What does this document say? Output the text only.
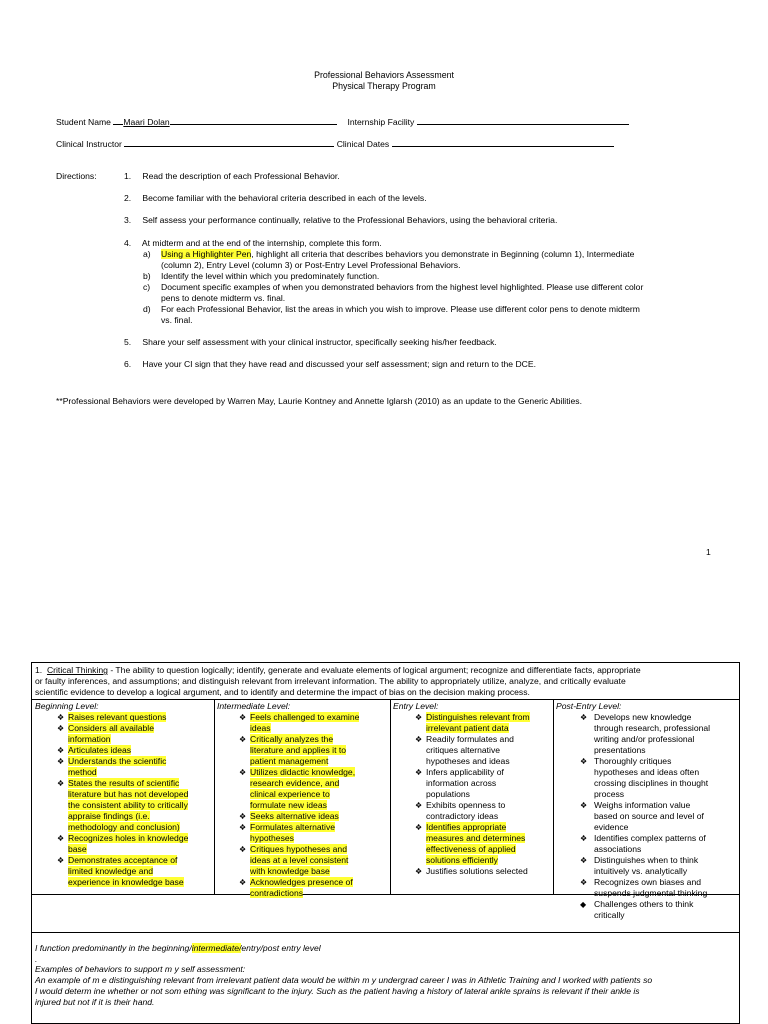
Professional Behaviors Assessment
Physical Therapy Program
Student Name Maari Dolan	Internship Facility
Clinical Instructor	Clinical Dates
Directions:	1. Read the description of each Professional Behavior.
2. Become familiar with the behavioral criteria described in each of the levels.
3. Self assess your performance continually, relative to the Professional Behaviors, using the behavioral criteria.
4. At midterm and at the end of the internship, complete this form.
a) Using a Highlighter Pen, highlight all criteria that describes behaviors you demonstrate in Beginning (column 1), Intermediate
(column 2), Entry Level (column 3) or Post-Entry Level Professional Behaviors.
b) Identify the level within which you predominately function.
c) Document specific examples of when you demonstrated behaviors from the highest level highlighted. Please use different color
pens to denote midterm vs. final.
d) For each Professional Behavior, list the areas in which you wish to improve. Please use different color pens to denote midterm
vs. final.
5. Share your self assessment with your clinical instructor, specifically seeking his/her feedback.
6. Have your CI sign that they have read and discussed your self assessment; sign and return to the DCE.
**Professional Behaviors were developed by Warren May, Laurie Kontney and Annette Iglarsh (2010) as an update to the Generic Abilities.
1
1. Critical Thinking - The ability to question logically; identify, generate and evaluate elements of logical argument; recognize and differentiate facts, appropriate
or faulty inferences, and assumptions; and distinguish relevant from irrelevant information. The ability to appropriately utilize, analyze, and critically evaluate
scientific evidence to develop a logical argument, and to identify and determine the impact of bias on the decision making process.
Beginning Level:
❖ Raises relevant questions
❖ Considers all available
information
❖ Articulates ideas
❖ Understands the scientific
method
❖ States the results of scientific
literature but has not developed
the consistent ability to critically
appraise findings (i.e.
methodology and conclusion)
❖ Recognizes holes in knowledge
base
❖ Demonstrates acceptance of
limited knowledge and
experience in knowledge base
Intermediate Level:
❖ Feels challenged to examine
ideas
❖ Critically analyzes the
literature and applies it to
patient management
❖ Utilizes didactic knowledge,
research evidence, and
clinical experience to
formulate new ideas
❖ Seeks alternative ideas
❖ Formulates alternative
hypotheses
❖ Critiques hypotheses and
ideas at a level consistent
with knowledge base
❖ Acknowledges presence of
contradictions
Entry Level:
❖ Distinguishes relevant from
irrelevant patient data
❖ Readily formulates and
critiques alternative
hypotheses and ideas
❖ Infers applicability of
information across
populations
❖ Exhibits openness to
contradictory ideas
❖ Identifies appropriate
measures and determines
effectiveness of applied
solutions efficiently
❖ Justifies solutions selected
Post-Entry Level:
❖ Develops new knowledge
through research, professional
writing and/or professional
presentations
❖ Thoroughly critiques
hypotheses and ideas often
crossing disciplines in thought
process
❖ Weighs information value
based on source and level of
evidence
❖ Identifies complex patterns of
associations
❖ Distinguishes when to think
intuitively vs. analytically
❖ Recognizes own biases and
suspends judgmental thinking
◆ Challenges others to think
critically
I function predominantly in the beginning/intermediate/entry/post entry level
.
Examples of behaviors to support m y self assessment:
An example of m e distinguishing relevant from irrelevant patient data would be within m y undergrad career I was in Athletic Training and I worked with patients so
I would determ ine whether or not som ething was significant to the injury. Such as the patient having a history of lateral ankle sprains is relevant if their ankle is
injured but not if it is their hand.
